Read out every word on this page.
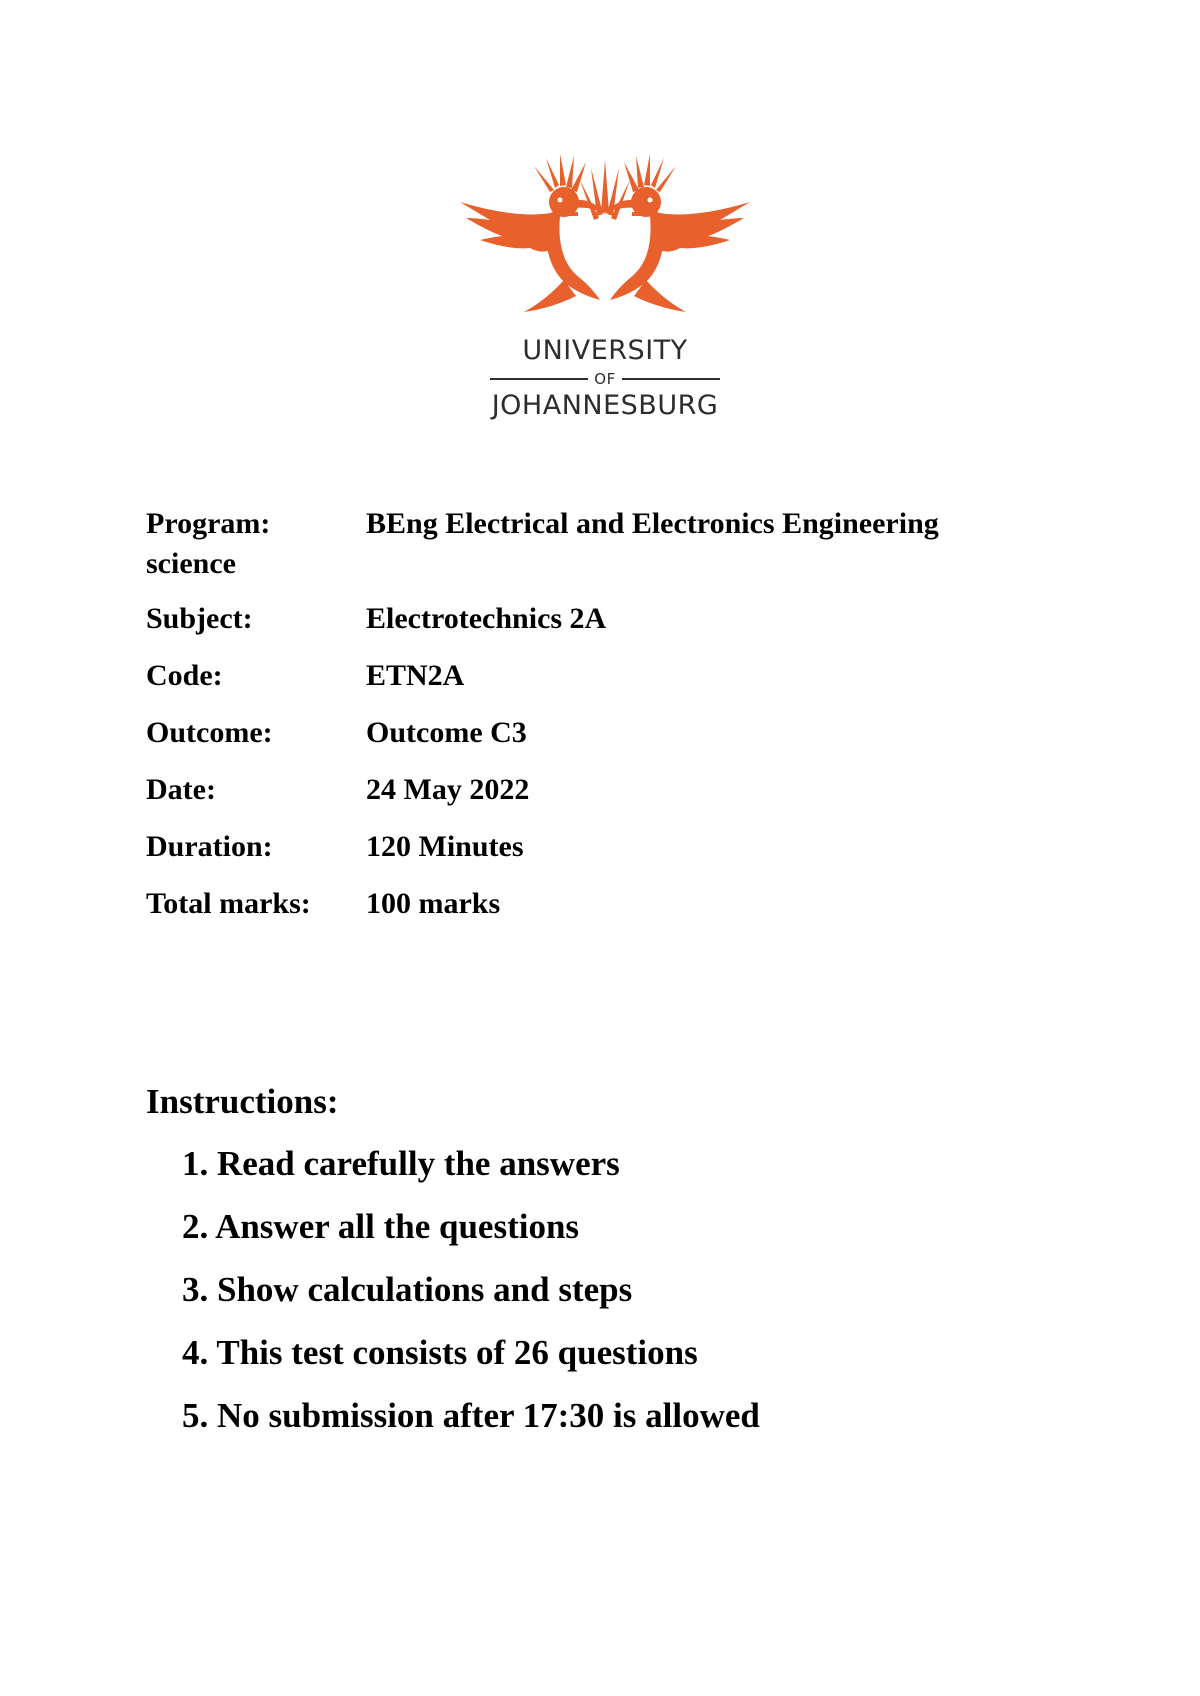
UNIVERSITY
OF
JOHANNESBURG
Program:	BEng Electrical and Electronics Engineering
science
Subject:	Electrotechnics 2A
Code:	ETN2A
Outcome:	Outcome C3
Date:	24 May 2022
Duration:	120 Minutes
Total marks: 100 marks
Instructions:
1. Read carefully the answers
2. Answer all the questions
3. Show calculations and steps
4. This test consists of 26 questions
5. No submission after 17:30 is allowed
